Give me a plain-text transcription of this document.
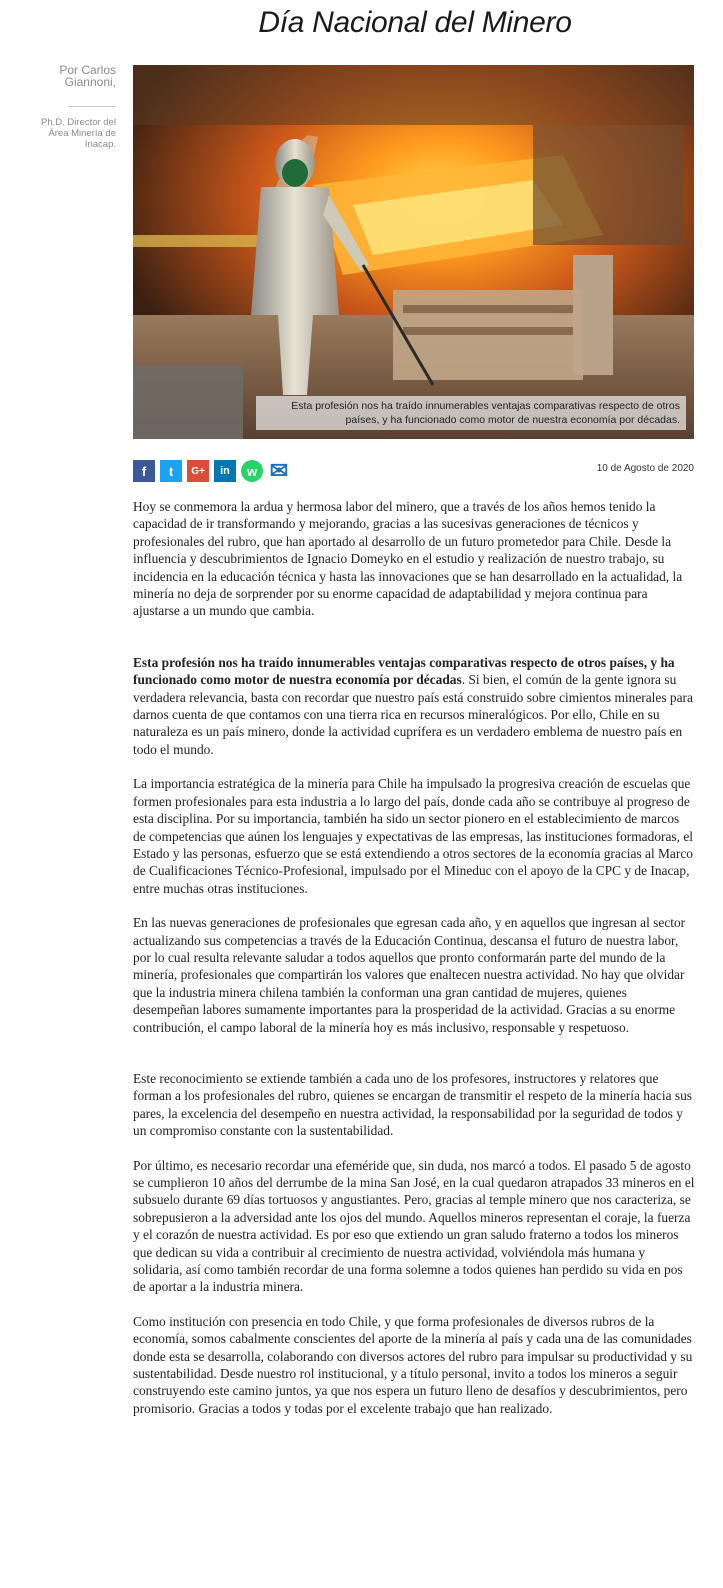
Día Nacional del Minero
Por Carlos Giannoni,
Ph.D. Director del Área Minería de Inacap.
Esta profesión nos ha traído innumerables ventajas comparativas respecto de otros países, y ha funcionado como motor de nuestra economía por décadas.
f t G+ in w ✉	10 de Agosto de 2020

Hoy se conmemora la ardua y hermosa labor del minero, que a través de los años hemos tenido la capacidad de ir transformando y mejorando, gracias a las sucesivas generaciones de técnicos y profesionales del rubro, que han aportado al desarrollo de un futuro prometedor para Chile. Desde la influencia y descubrimientos de Ignacio Domeyko en el estudio y realización de nuestro trabajo, su incidencia en la educación técnica y hasta las innovaciones que se han desarrollado en la actualidad, la minería no deja de sorprender por su enorme capacidad de adaptabilidad y mejora continua para ajustarse a un mundo que cambia.

Esta profesión nos ha traído innumerables ventajas comparativas respecto de otros países, y ha funcionado como motor de nuestra economía por décadas. Si bien, el común de la gente ignora su verdadera relevancia, basta con recordar que nuestro país está construido sobre cimientos minerales para darnos cuenta de que contamos con una tierra rica en recursos mineralógicos. Por ello, Chile en su naturaleza es un país minero, donde la actividad cuprífera es un verdadero emblema de nuestro país en todo el mundo.

La importancia estratégica de la minería para Chile ha impulsado la progresiva creación de escuelas que formen profesionales para esta industria a lo largo del país, donde cada año se contribuye al progreso de esta disciplina. Por su importancia, también ha sido un sector pionero en el establecimiento de marcos de competencias que aúnen los lenguajes y expectativas de las empresas, las instituciones formadoras, el Estado y las personas, esfuerzo que se está extendiendo a otros sectores de la economía gracias al Marco de Cualificaciones Técnico-Profesional, impulsado por el Mineduc con el apoyo de la CPC y de Inacap, entre muchas otras instituciones.

En las nuevas generaciones de profesionales que egresan cada año, y en aquellos que ingresan al sector actualizando sus competencias a través de la Educación Continua, descansa el futuro de nuestra labor, por lo cual resulta relevante saludar a todos aquellos que pronto conformarán parte del mundo de la minería, profesionales que compartirán los valores que enaltecen nuestra actividad. No hay que olvidar que la industria minera chilena también la conforman una gran cantidad de mujeres, quienes desempeñan labores sumamente importantes para la prosperidad de la actividad. Gracias a su enorme contribución, el campo laboral de la minería hoy es más inclusivo, responsable y respetuoso.

Este reconocimiento se extiende también a cada uno de los profesores, instructores y relatores que forman a los profesionales del rubro, quienes se encargan de transmitir el respeto de la minería hacia sus pares, la excelencia del desempeño en nuestra actividad, la responsabilidad por la seguridad de todos y un compromiso constante con la sustentabilidad.

Por último, es necesario recordar una efeméride que, sin duda, nos marcó a todos. El pasado 5 de agosto se cumplieron 10 años del derrumbe de la mina San José, en la cual quedaron atrapados 33 mineros en el subsuelo durante 69 días tortuosos y angustiantes. Pero, gracias al temple minero que nos caracteriza, se sobrepusieron a la adversidad ante los ojos del mundo. Aquellos mineros representan el coraje, la fuerza y el corazón de nuestra actividad. Es por eso que extiendo un gran saludo fraterno a todos los mineros que dedican su vida a contribuir al crecimiento de nuestra actividad, volviéndola más humana y solidaria, así como también recordar de una forma solemne a todos quienes han perdido su vida en pos de aportar a la industria minera.

Como institución con presencia en todo Chile, y que forma profesionales de diversos rubros de la economía, somos cabalmente conscientes del aporte de la minería al país y cada una de las comunidades donde esta se desarrolla, colaborando con diversos actores del rubro para impulsar su productividad y su sustentabilidad. Desde nuestro rol institucional, y a título personal, invito a todos los mineros a seguir construyendo este camino juntos, ya que nos espera un futuro lleno de desafíos y descubrimientos, pero promisorio. Gracias a todos y todas por el excelente trabajo que han realizado.
